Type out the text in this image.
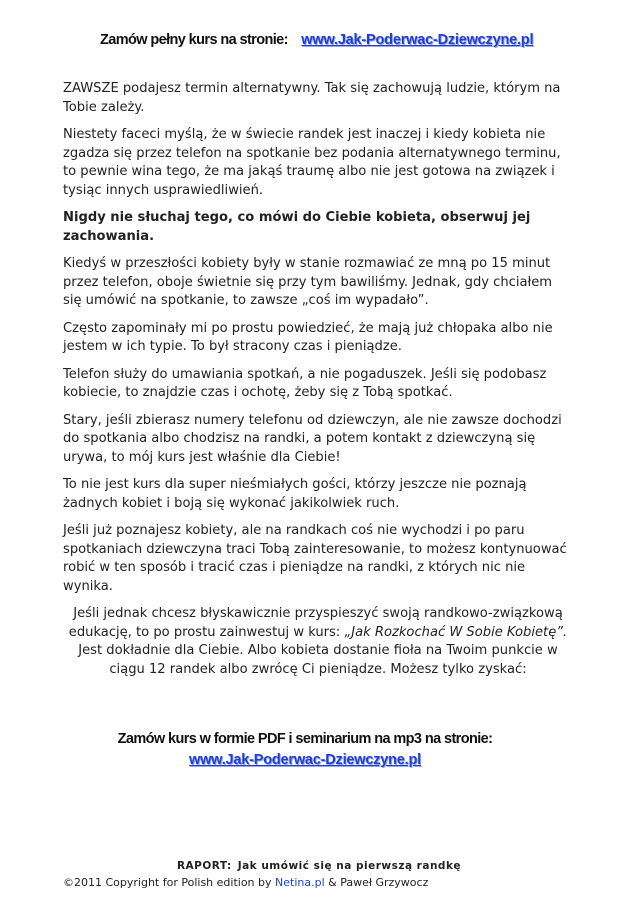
Zamów pełny kurs na stronie: www.Jak-Poderwac-Dziewczyne.pl

ZAWSZE podajesz termin alternatywny. Tak się zachowują ludzie, którym na Tobie zależy.

Niestety faceci myślą, że w świecie randek jest inaczej i kiedy kobieta nie zgadza się przez telefon na spotkanie bez podania alternatywnego terminu, to pewnie wina tego, że ma jakąś traumę albo nie jest gotowa na związek i tysiąc innych usprawiedliwień.

Nigdy nie słuchaj tego, co mówi do Ciebie kobieta, obserwuj jej zachowania.

Kiedyś w przeszłości kobiety były w stanie rozmawiać ze mną po 15 minut przez telefon, oboje świetnie się przy tym bawiliśmy. Jednak, gdy chciałem się umówić na spotkanie, to zawsze „coś im wypadało”.

Często zapominały mi po prostu powiedzieć, że mają już chłopaka albo nie jestem w ich typie. To był stracony czas i pieniądze.

Telefon służy do umawiania spotkań, a nie pogaduszek. Jeśli się podobasz kobiecie, to znajdzie czas i ochotę, żeby się z Tobą spotkać.

Stary, jeśli zbierasz numery telefonu od dziewczyn, ale nie zawsze dochodzi do spotkania albo chodzisz na randki, a potem kontakt z dziewczyną się urywa, to mój kurs jest właśnie dla Ciebie!

To nie jest kurs dla super nieśmiałych gości, którzy jeszcze nie poznają żadnych kobiet i boją się wykonać jakikolwiek ruch.

Jeśli już poznajesz kobiety, ale na randkach coś nie wychodzi i po paru spotkaniach dziewczyna traci Tobą zainteresowanie, to możesz kontynuować robić w ten sposób i tracić czas i pieniądze na randki, z których nic nie wynika.

Jeśli jednak chcesz błyskawicznie przyspieszyć swoją randkowo-związkową edukację, to po prostu zainwestuj w kurs: „Jak Rozkochać W Sobie Kobietę”. Jest dokładnie dla Ciebie. Albo kobieta dostanie fioła na Twoim punkcie w ciągu 12 randek albo zwrócę Ci pieniądze. Możesz tylko zyskać:

Zamów kurs w formie PDF i seminarium na mp3 na stronie:
www.Jak-Poderwac-Dziewczyne.pl
RAPORT: Jak umówić się na pierwszą randkę
©2011 Copyright for Polish edition by Netina.pl & Paweł Grzywocz
